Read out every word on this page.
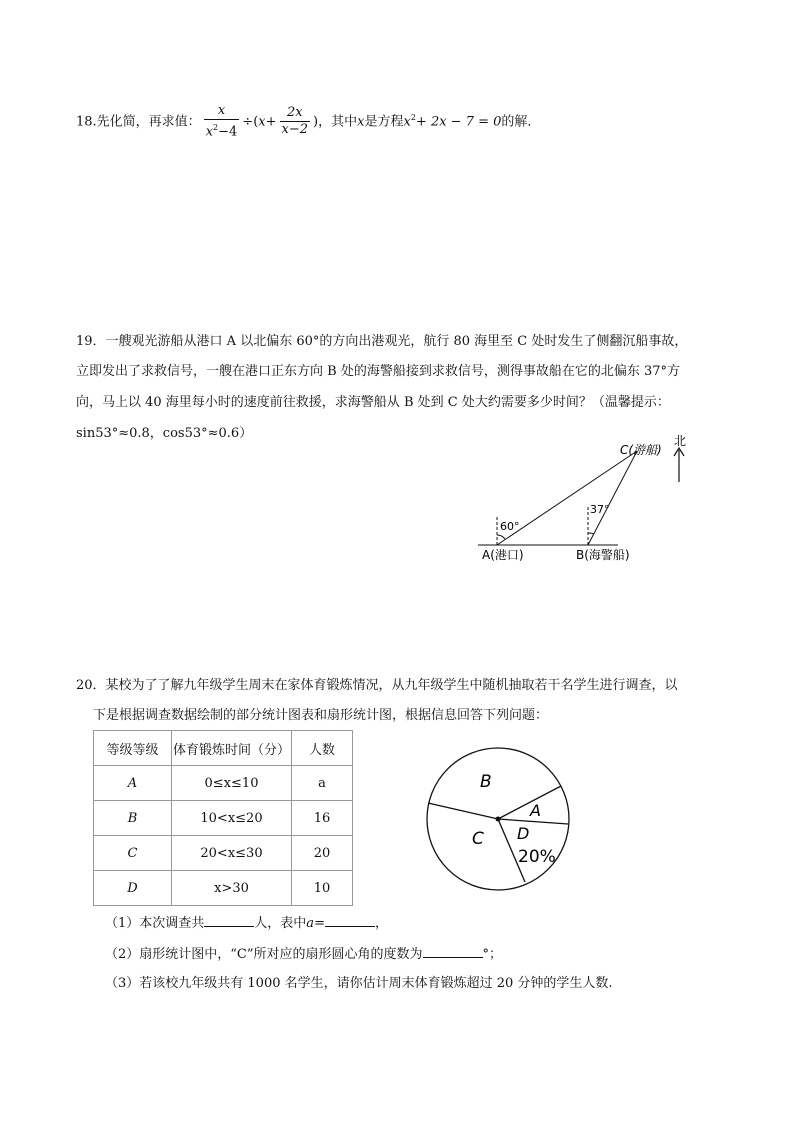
18.先化简，再求值： $\frac{x}{x^2-4} \div(x+ \frac{2x}{x-2}$ )，其中x是方程$x^2+ 2x - 7 = 0$的解．
19．一艘观光游船从港口 A 以北偏东 60°的方向出港观光，航行 80 海里至 C 处时发生了侧翻沉船事故，
立即发出了求救信号，一艘在港口正东方向 B 处的海警船接到求救信号，测得事故船在它的北偏东 37°方
向，马上以 40 海里每小时的速度前往救援，求海警船从 B 处到 C 处大约需要多少时间？（温馨提示：
sin53°≈0.8，cos53°≈0.6）
C(游船)
北
37°
60°
A(港口)	B(海警船)
20．某校为了了解九年级学生周末在家体育锻炼情况，从九年级学生中随机抽取若干名学生进行调查，以
下是根据调查数据绘制的部分统计图表和扇形统计图，根据信息回答下列问题：
等级等级	体育锻炼时间（分）	人数
A	0≤x≤10	a
B	10<x≤20	16
C	20<x≤30	20
D	x>30	10
B
A
C D
20%
（1）本次调查共	人，表中a=	，
（2）扇形统计图中，“C”所对应的扇形圆心角的度数为	°；
（3）若该校九年级共有 1000 名学生，请你估计周末体育锻炼超过 20 分钟的学生人数.
